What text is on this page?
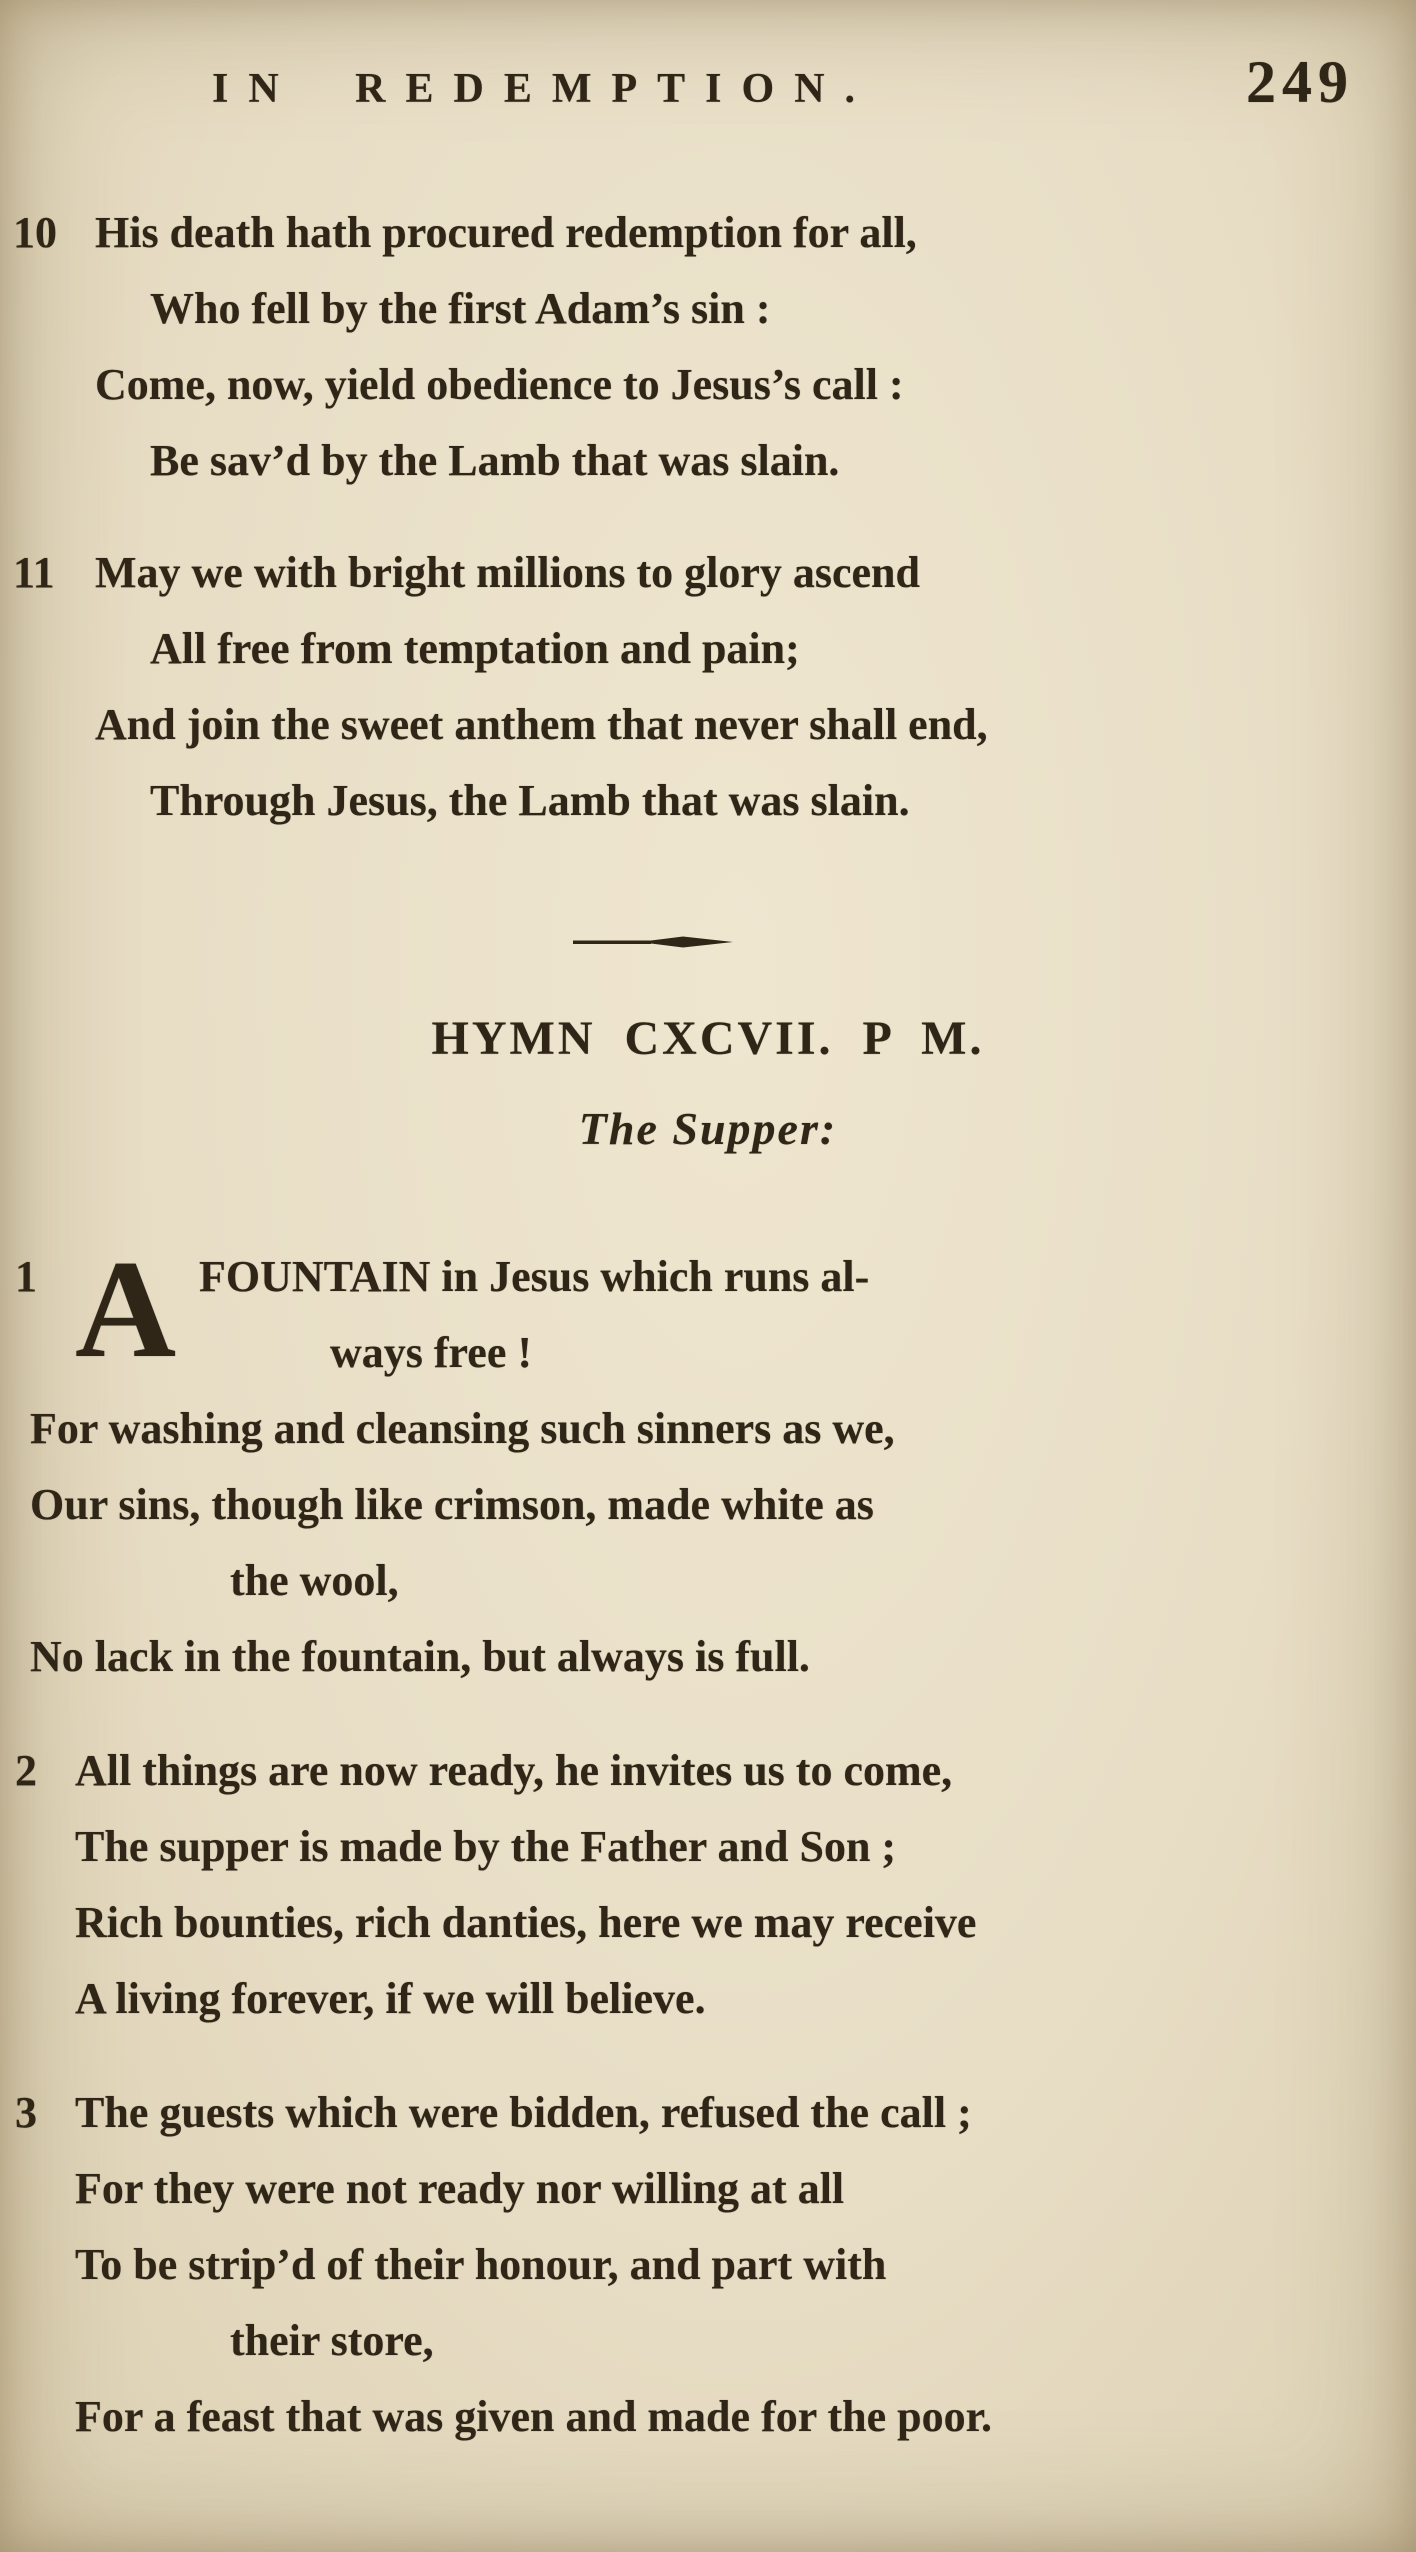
IN REDEMPTION.	249
10 His death hath procured redemption for all,
Who fell by the first Adam’s sin :
Come, now, yield obedience to Jesus’s call :
Be sav’d by the Lamb that was slain.
11 May we with bright millions to glory ascend
All free from temptation and pain;
And join the sweet anthem that never shall end,
Through Jesus, the Lamb that was slain.
HYMN CXCVII. P M.
The Supper:
1 A FOUNTAIN in Jesus which runs al-
ways free !
For washing and cleansing such sinners as we,
Our sins, though like crimson, made white as
the wool,
No lack in the fountain, but always is full.
2 All things are now ready, he invites us to come,
The supper is made by the Father and Son ;
Rich bounties, rich danties, here we may receive
A living forever, if we will believe.
3 The guests which were bidden, refused the call ;
For they were not ready nor willing at all
To be strip’d of their honour, and part with
their store,
For a feast that was given and made for the poor.
